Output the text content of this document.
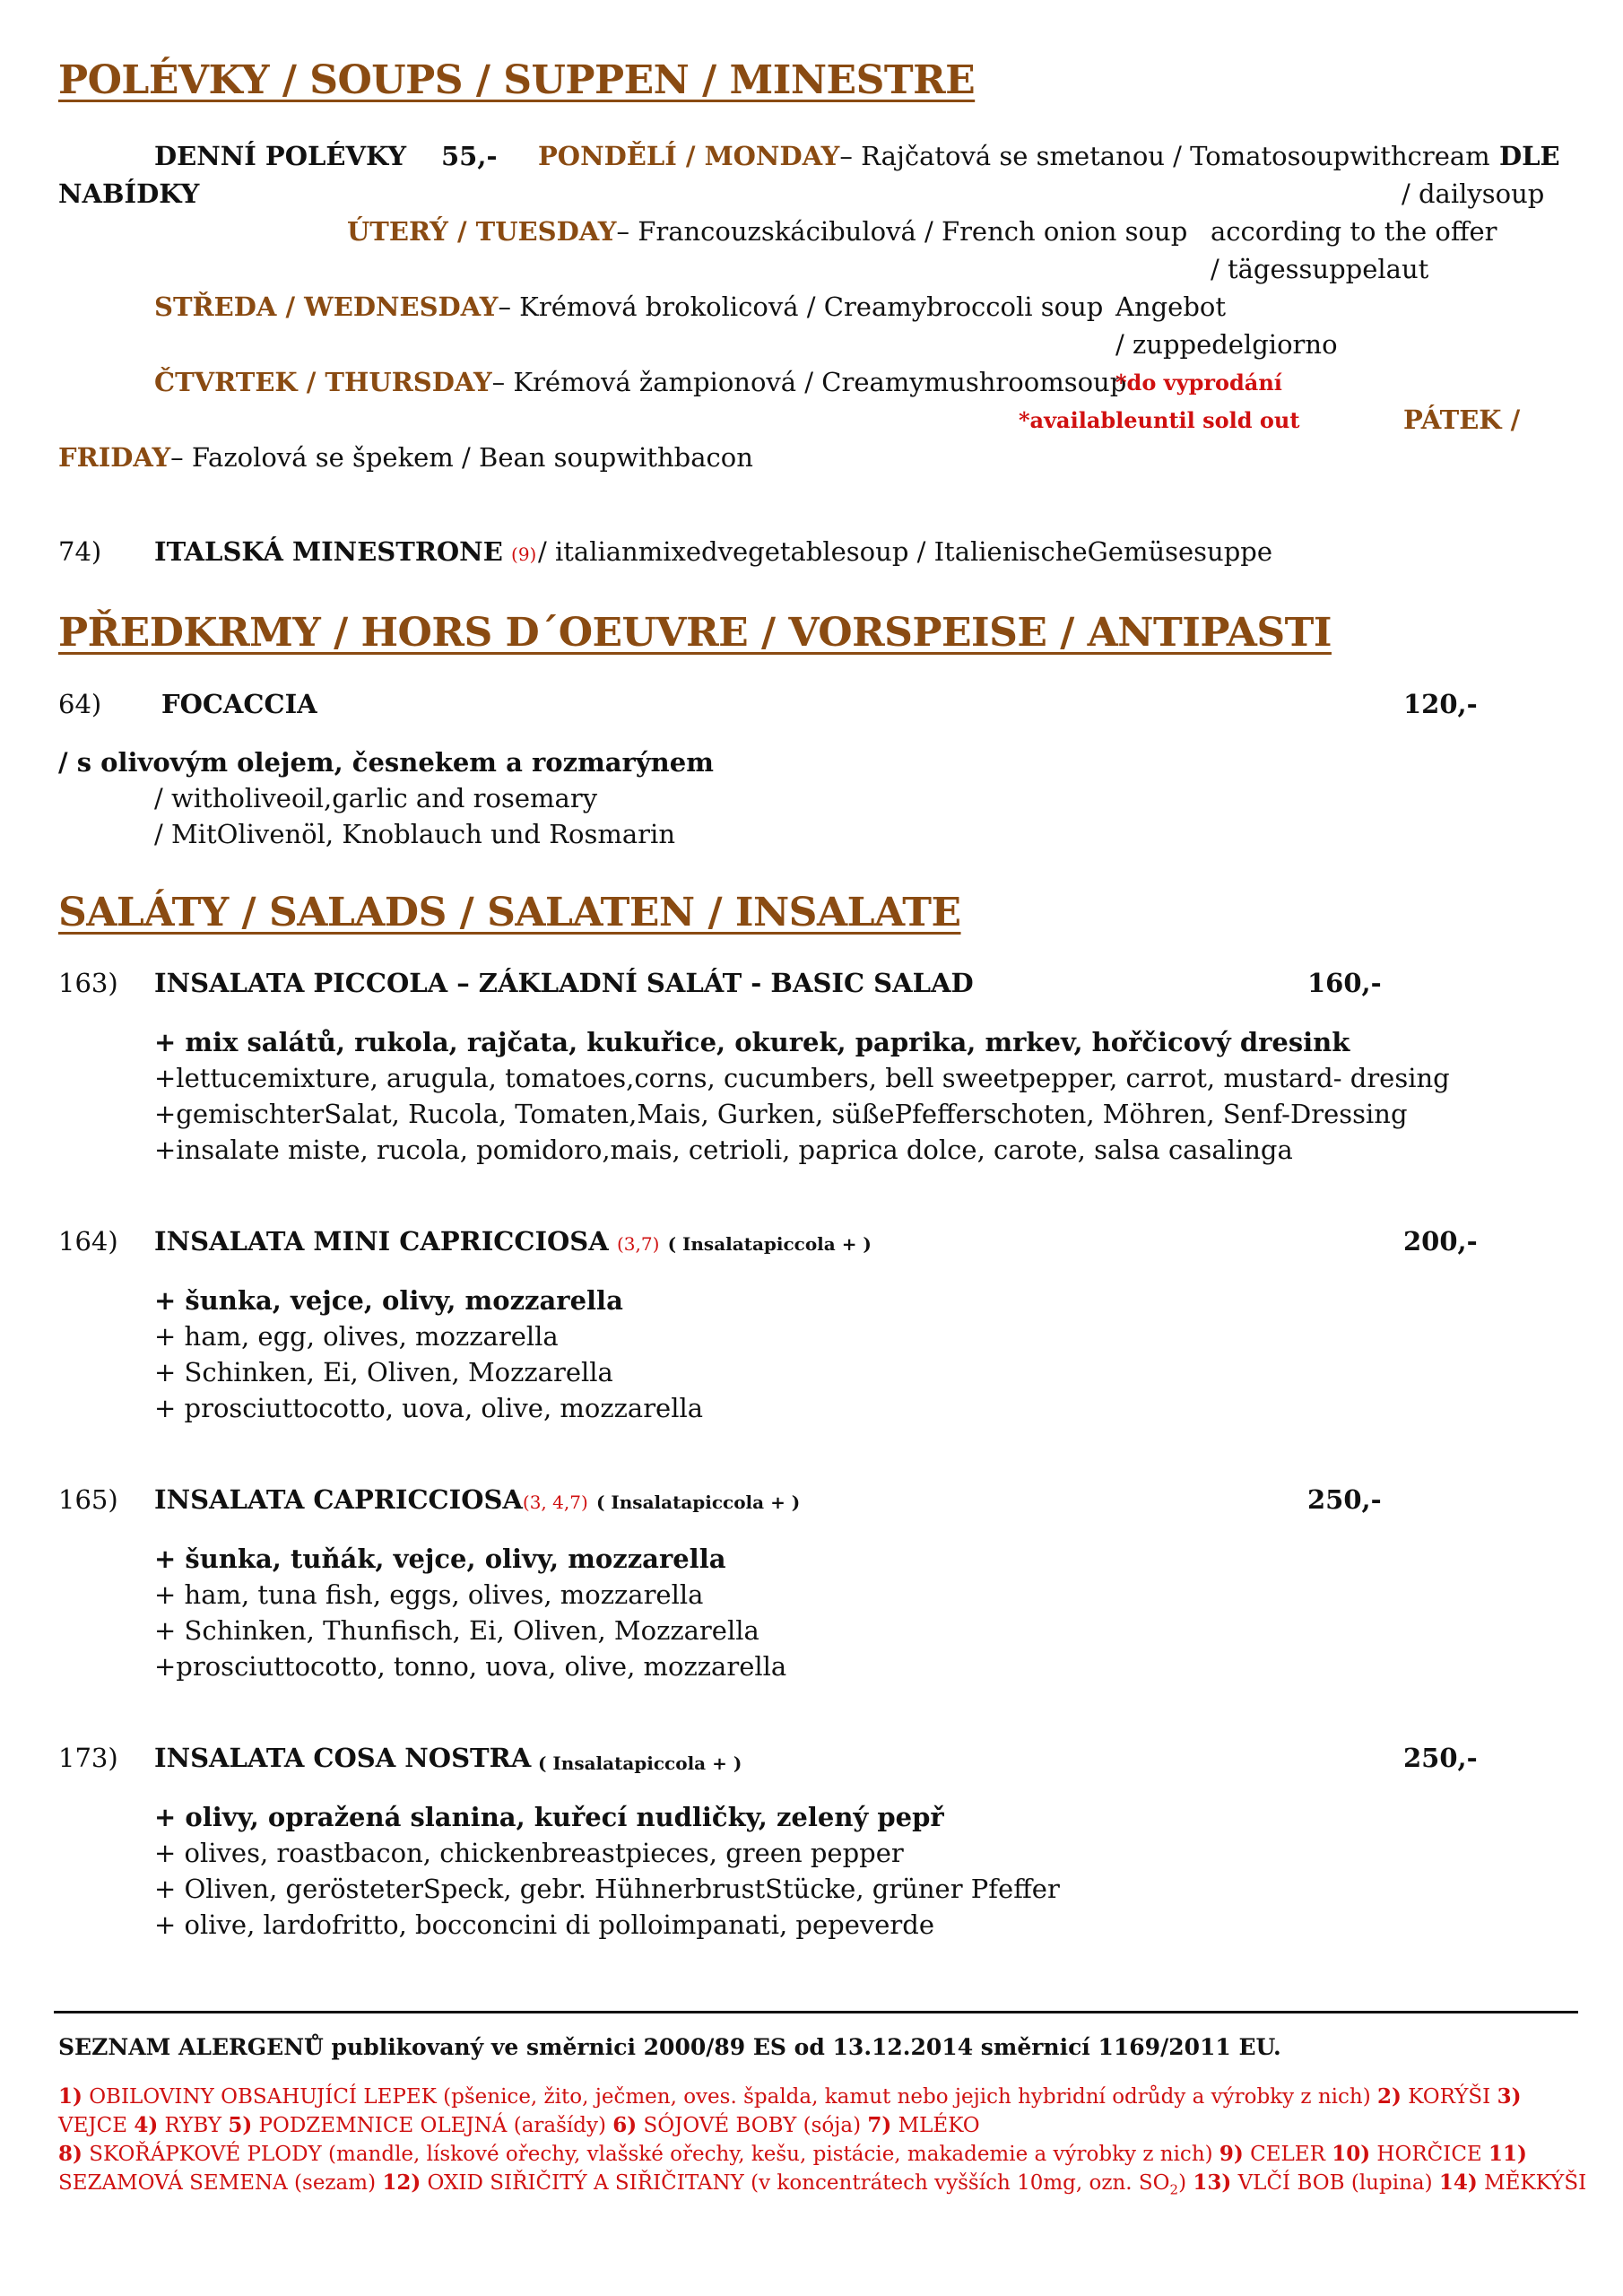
POLÉVKY / SOUPS / SUPPEN / MINESTRE
DENNÍ POLÉVKY 55,- PONDĚLÍ / MONDAY– Rajčatová se smetanou / Tomatosoupwithcream DLE
NABÍDKY	/ dailysoup
ÚTERÝ / TUESDAY– Francouzskácibulová / French onion soup according to the offer
/ tägessuppelaut
STŘEDA / WEDNESDAY– Krémová brokolicová / Creamybroccoli soup Angebot
/ zuppedelgiorno
ČTVRTEK / THURSDAY– Krémová žampionová / Creamymushroomsoup
*do vyprodání
*availableuntil sold out	PÁTEK /
FRIDAY– Fazolová se špekem / Bean soupwithbacon
74) ITALSKÁ MINESTRONE (9) / italianmixedvegetablesoup / ItalienischeGemüsesuppe
PŘEDKRMY / HORS D´OEUVRE / VORSPEISE / ANTIPASTI
64) FOCACCIA	120,-
/ s olivovým olejem, česnekem a rozmarýnem
/ witholiveoil,garlic and rosemary
/ MitOlivenöl, Knoblauch und Rosmarin
SALÁTY / SALADS / SALATEN / INSALATE
163) INSALATA PICCOLA – ZÁKLADNÍ SALÁT - BASIC SALAD	160,-
+ mix salátů, rukola, rajčata, kukuřice, okurek, paprika, mrkev, hořčicový dresink
+lettucemixture, arugula, tomatoes,corns, cucumbers, bell sweetpepper, carrot, mustard- dresing
+gemischterSalat, Rucola, Tomaten,Mais, Gurken, süßePfefferschoten, Möhren, Senf-Dressing
+insalate miste, rucola, pomidoro,mais, cetrioli, paprica dolce, carote, salsa casalinga
164) INSALATA MINI CAPRICCIOSA (3,7) ( Insalatapiccola + )	200,-
+ šunka, vejce, olivy, mozzarella
+ ham, egg, olives, mozzarella
+ Schinken, Ei, Oliven, Mozzarella
+ prosciuttocotto, uova, olive, mozzarella
165) INSALATA CAPRICCIOSA(3, 4,7) ( Insalatapiccola + )	250,-
+ šunka, tuňák, vejce, olivy, mozzarella
+ ham, tuna fish, eggs, olives, mozzarella
+ Schinken, Thunfisch, Ei, Oliven, Mozzarella
+prosciuttocotto, tonno, uova, olive, mozzarella
173) INSALATA COSA NOSTRA ( Insalatapiccola + )	250,-
+ olivy, opražená slanina, kuřecí nudličky, zelený pepř
+ olives, roastbacon, chickenbreastpieces, green pepper
+ Oliven, gerösteterSpeck, gebr. HühnerbrustStücke, grüner Pfeffer
+ olive, lardofritto, bocconcini di polloimpanati, pepeverde
SEZNAM ALERGENŮ publikovaný ve směrnici 2000/89 ES od 13.12.2014 směrnicí 1169/2011 EU.
1) OBILOVINY OBSAHUJÍCÍ LEPEK (pšenice, žito, ječmen, oves. špalda, kamut nebo jejich hybridní odrůdy a výrobky z nich) 2) KORÝŠI 3)
VEJCE 4) RYBY 5) PODZEMNICE OLEJNÁ (arašídy) 6) SÓJOVÉ BOBY (sója) 7) MLÉKO
8) SKOŘÁPKOVÉ PLODY (mandle, lískové ořechy, vlašské ořechy, kešu, pistácie, makademie a výrobky z nich) 9) CELER 10) HORČICE 11)
SEZAMOVÁ SEMENA (sezam) 12) OXID SIŘIČITÝ A SIŘIČITANY (v koncentrátech vyšších 10mg, ozn. $SO_2$) 13) VLČÍ BOB (lupina) 14) MĚKKÝŠI
